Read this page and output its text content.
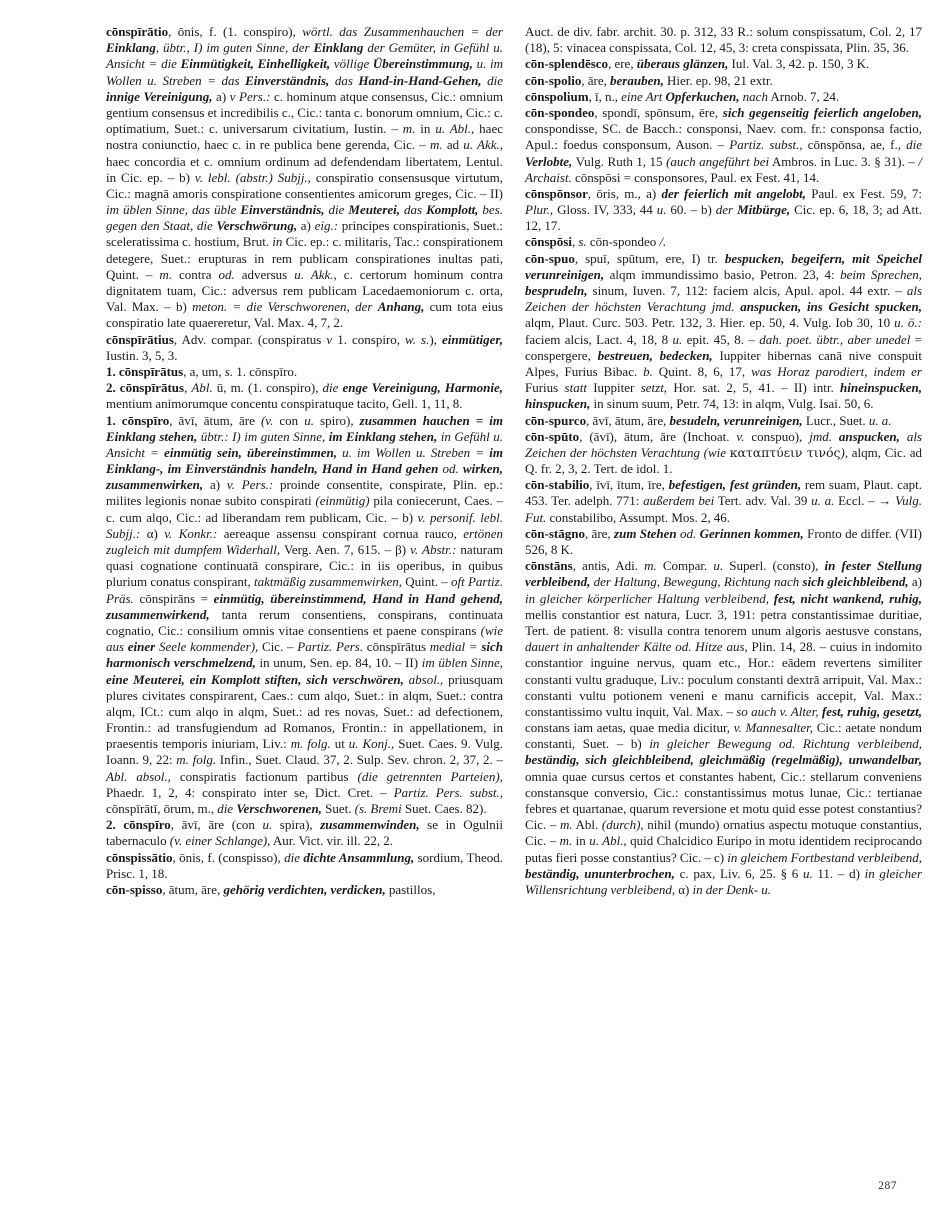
cōnspīrātio, ōnis, f. (1. conspiro), wörtl. das Zusammenhauchen = der Einklang, übtr., I) im guten Sinne, der Einklang der Gemüter, in Gefühl u. Ansicht = die Einmütigkeit, Einhelligkeit, völlige Übereinstimmung, u. im Wollen u. Streben = das Einverständnis, das Hand-in-Hand-Gehen, die innige Vereinigung, a) v Pers.: c. hominum atque consensus, Cic.: omnium gentium consensus et incredibilis c., Cic.: tanta c. bonorum omnium, Cic.: c. optimatium, Suet.: c. universarum civitatium, Iustin. – m. in u. Abl., haec nostra coniunctio, haec c. in re publica bene gerenda, Cic. – m. ad u. Akk., haec concordia et c. omnium ordinum ad defendendam libertatem, Lentul. in Cic. ep. – b) v. lebl. (abstr.) Subjj., conspiratio consensusque virtutum, Cic.: magnā amoris conspiratione consentientes amicorum greges, Cic. – II) im üblen Sinne, das üble Einverständnis, die Meuterei, das Komplott, bes. gegen den Staat, die Verschwörung, a) eig.: principes conspirationis, Suet.: sceleratissima c. hostium, Brut. in Cic. ep.: c. militaris, Tac.: conspirationem detegere, Suet.: erupturas in rem publicam conspirationes inultas pati, Quint. – m. contra od. adversus u. Akk., c. certorum hominum contra dignitatem tuam, Cic.: adversus rem publicam Lacedaemoniorum c. orta, Val. Max. – b) meton. = die Verschworenen, der Anhang, cum tota eius conspiratio late quaereretur, Val. Max. 4, 7, 2.

cōnspīrātius, Adv. compar. (conspiratus v 1. conspiro, w. s.), einmütiger, Iustin. 3, 5, 3.

1. cōnspīrātus, a, um, s. 1. cōnspīro.

2. cōnspīrātus, Abl. ū, m. (1. conspiro), die enge Vereinigung, Harmonie, mentium animorumque concentu conspiratuque tacito, Gell. 1, 11, 8.

1. cōnspīro, āvī, ātum, āre (v. con u. spiro), zusammen hauchen = im Einklang stehen, übtr.: I) im guten Sinne, im Einklang stehen, in Gefühl u. Ansicht = einmütig sein, übereinstimmen, u. im Wollen u. Streben = im Einklang-, im Einverständnis handeln, Hand in Hand gehen od. wirken, zusammenwirken, a) v. Pers.: proinde consentite, conspirate, Plin. ep.: milites legionis nonae subito conspirati (einmütig) pila coniecerunt, Caes. – c. cum alqo, Cic.: ad liberandam rem publicam, Cic. – b) v. personif. lebl. Subjj.: α) v. Konkr.: aereaque assensu conspirant cornua rauco, ertönen zugleich mit dumpfem Widerhall, Verg. Aen. 7, 615. – β) v. Abstr.: naturam quasi cognatione continuatā conspirare, Cic.: in iis operibus, in quibus plurium conatus conspirant, taktmäßig zusammenwirken, Quint. – oft Partiz. Präs. cōnspirāns = einmütig, übereinstimmend, Hand in Hand gehend, zusammenwirkend, tanta rerum consentiens, conspirans, continuata cognatio, Cic.: consilium omnis vitae consentiens et paene conspirans (wie aus einer Seele kommender), Cic. – Partiz. Pers. cōnspīrātus medial = sich harmonisch verschmelzend, in unum, Sen. ep. 84, 10. – II) im üblen Sinne, eine Meuterei, ein Komplott stiften, sich verschwören, absol., priusquam plures civitates conspirarent, Caes.: cum alqo, Suet.: in alqm, Suet.: contra alqm, ICt.: cum alqo in alqm, Suet.: ad res novas, Suet.: ad defectionem, Frontin.: ad transfugiendum ad Romanos, Frontin.: in appellationem, in praesentis temporis iniuriam, Liv.: m. folg. ut u. Konj., Suet. Caes. 9. Vulg. Ioann. 9, 22: m. folg. Infin., Suet. Claud. 37, 2. Sulp. Sev. chron. 2, 37, 2. – Abl. absol., conspiratis factionum partibus (die getrennten Parteien), Phaedr. 1, 2, 4: conspirato inter se, Dict. Cret. – Partiz. Pers. subst., cōnspīrātī, ōrum, m., die Verschworenen, Suet. (s. Bremi Suet. Caes. 82).

2. cōnspīro, āvī, āre (con u. spira), zusammenwinden, se in Ogulnii tabernaculo (v. einer Schlange), Aur. Vict. vir. ill. 22, 2.

cōnspissātio, ōnis, f. (conspisso), die dichte Ansammlung, sordium, Theod. Prisc. 1, 18.

cōn-spisso, ātum, āre, gehörig verdichten, verdicken, pastillos,

Auct. de div. fabr. archit. 30. p. 312, 33 R.: solum conspissatum, Col. 2, 17 (18), 5: vinacea conspissata, Col. 12, 45, 3: creta conspissata, Plin. 35, 36.

cōn-splendēsco, ere, überaus glänzen, Iul. Val. 3, 42. p. 150, 3 K.

cōn-spolio, āre, berauben, Hier. ep. 98, 21 extr.

cōnspolium, ī, n., eine Art Opferkuchen, nach Arnob. 7, 24.

cōn-spondeo, spondī, spōnsum, ēre, sich gegenseitig feierlich angeloben, conspondisse, SC. de Bacch.: consponsi, Naev. com. fr.: consponsa factio, Apul.: foedus consponsum, Auson. – Partiz. subst., cōnspōnsa, ae, f., die Verlobte, Vulg. Ruth 1, 15 (auch angeführt bei Ambros. in Luc. 3. § 31). – / Archaist. cōnspōsi = consponsores, Paul. ex Fest. 41, 14.

cōnspōnsor, ōris, m., a) der feierlich mit angelobt, Paul. ex Fest. 59, 7: Plur., Gloss. IV, 333, 44 u. 60. – b) der Mitbürge, Cic. ep. 6, 18, 3; ad Att. 12, 17.

cōnspōsi, s. cōn-spondeo /.

cōn-spuo, spuī, spūtum, ere, I) tr. bespucken, begeifern, mit Speichel verunreinigen, alqm immundissimo basio, Petron. 23, 4: beim Sprechen, besprudeln, sinum, Iuven. 7, 112: faciem alcis, Apul. apol. 44 extr. – als Zeichen der höchsten Verachtung jmd. anspucken, ins Gesicht spucken, alqm, Plaut. Curc. 503. Petr. 132, 3. Hier. ep. 50, 4. Vulg. Iob 30, 10 u. ö.: faciem alcis, Lact. 4, 18, 8 u. epit. 45, 8. – dah. poet. übtr., aber unedel = conspergere, bestreuen, bedecken, Iuppiter hibernas canā nive conspuit Alpes, Furius Bibac. b. Quint. 8, 6, 17, was Horaz parodiert, indem er Furius statt Iuppiter setzt, Hor. sat. 2, 5, 41. – II) intr. hineinspucken, hinspucken, in sinum suum, Petr. 74, 13: in alqm, Vulg. Isai. 50, 6.

cōn-spurco, āvī, ātum, āre, besudeln, verunreinigen, Lucr., Suet. u. a.

cōn-spūto, (āvī), ātum, āre (Inchoat. v. conspuo), jmd. anspucken, als Zeichen der höchsten Verachtung (wie καταπτύειν τινός), alqm, Cic. ad Q. fr. 2, 3, 2. Tert. de idol. 1.

cōn-stabilio, īvī, ītum, īre, befestigen, fest gründen, rem suam, Plaut. capt. 453. Ter. adelph. 771: außerdem bei Tert. adv. Val. 39 u. a. Eccl. – → Vulg. Fut. constabilibo, Assumpt. Mos. 2, 46.

cōn-stāgno, āre, zum Stehen od. Gerinnen kommen, Fronto de differ. (VII) 526, 8 K.

cōnstāns, antis, Adi. m. Compar. u. Superl. (consto), in fester Stellung verbleibend, der Haltung, Bewegung, Richtung nach sich gleichbleibend, a) in gleicher körperlicher Haltung verbleibend, fest, nicht wankend, ruhig, mellis constantior est natura, Lucr. 3, 191: petra constantissimae duritiae, Tert. de patient. 8: visulla contra tenorem unum algoris aestusve constans, dauert in anhaltender Kälte od. Hitze aus, Plin. 14, 28. – cuius in indomito constantior inguine nervus, quam etc., Hor.: eādem revertens similiter constanti vultu graduque, Liv.: poculum constanti dextrā arripuit, Val. Max.: constanti vultu potionem veneni e manu carnificis accepit, Val. Max.: constantissimo vultu inquit, Val. Max. – so auch v. Alter, fest, ruhig, gesetzt, constans iam aetas, quae media dicitur, v. Mannesalter, Cic.: aetate nondum constanti, Suet. – b) in gleicher Bewegung od. Richtung verbleibend, beständig, sich gleichbleibend, gleichmäßig (regelmäßig), unwandelbar, omnia quae cursus certos et constantes habent, Cic.: stellarum conveniens constansque conversio, Cic.: constantissimus motus lunae, Cic.: tertianae febres et quartanae, quarum reversione et motu quid esse potest constantius? Cic. – m. Abl. (durch), nihil (mundo) ornatius aspectu motuque constantius, Cic. – m. in u. Abl., quid Chalcidico Euripo in motu identidem reciprocando putas fieri posse constantius? Cic. – c) in gleichem Fortbestand verbleibend, beständig, ununterbrochen, c. pax, Liv. 6, 25. § 6 u. 11. – d) in gleicher Willensrichtung verbleibend, α) in der Denk- u.

287
